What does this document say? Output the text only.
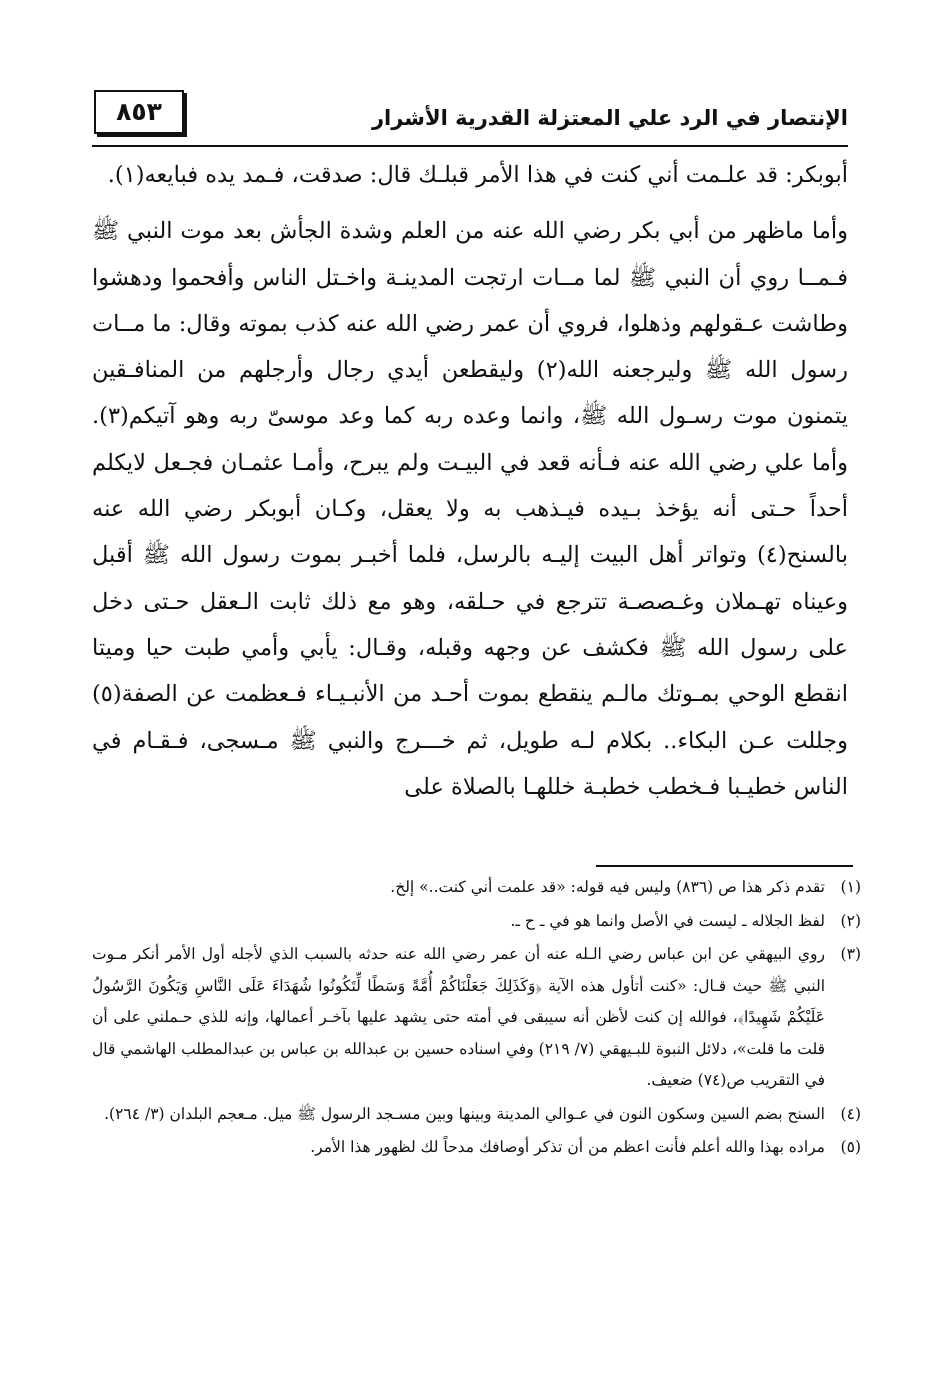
الإنتصار في الرد علي المعتزلة القدرية الأشرار
٨٥٣

أبوبكر: قد علـمت أني كنت في هذا الأمر قبلـك قال: صدقت، فـمد يده فبايعه(١).

وأما ماظهر من أبي بكر رضي الله عنه من العلم وشدة الجأش بعد موت النبي ﷺ فـمــا روي أن النبي ﷺ لما مــات ارتجت المدينـة واخـتل الناس وأفحموا ودهشوا وطاشت عـقولهم وذهلوا، فروي أن عمر رضي الله عنه كذب بموته وقال: ما مــات رسول الله ﷺ وليرجعنه الله(٢) وليقطعن أيدي رجال وأرجلهم من المنافـقين يتمنون موت رسـول الله ﷺ، وانما وعده ربه كما وعد موسىّ ربه وهو آتيكم(٣). وأما علي رضي الله عنه فـأنه قعد في البيـت ولم يبرح، وأمـا عثمـان فجـعل لايكلم أحداً حـتى أنه يؤخذ بـيده فيـذهب به ولا يعقل، وكـان أبوبكر رضي الله عنه بالسنح(٤) وتواتر أهل البيت إليـه بالرسل، فلما أخبـر بموت رسول الله ﷺ أقبل وعيناه تهـملان وغـصصـة تترجع في حـلقه، وهو مع ذلك ثابت الـعقل حـتى دخل على رسول الله ﷺ فكشف عن وجهه وقبله، وقـال: يأبي وأمي طبت حيا وميتا انقطع الوحي بمـوتك مالـم ينقطع بموت أحـد من الأنبـيـاء فـعظمت عن الصفة(٥) وجللت عـن البكاء.. بكلام لـه طويل، ثم خـــرج والنبي ﷺ مـسجى، فـقـام في الناس خطيـبا فـخطب خطبـة خللهـا بالصلاة على

(١)
تقدم ذكر هذا ص (٨٣٦) وليس فيه قوله: «قد علمت أني كنت..» إلخ.

(٢)
لفظ الجلاله ـ ليست في الأصل وانما هو في ـ ح ـ.

(٣)
روي البيهقي عن ابن عباس رضي الـله عنه أن عمر رضي الله عنه حدثه بالسبب الذي لأجله أول الأمر أنكر مـوت النبي ﷺ حيث قـال: «كنت أتأول هذه الآية ﴿وَكَذَلِكَ جَعَلْنَاكُمْ أُمَّةً وَسَطًا لِّتَكُونُوا شُهَدَاءَ عَلَى النَّاسِ وَيَكُونَ الرَّسُولُ عَلَيْكُمْ شَهِيدًا﴾، فوالله إن كنت لأظن أنه سيبقى في أمته حتى يشهد عليها بآخـر أعمالها، وإنه للذي حـملني على أن قلت ما قلت»، دلائل النبوة للبـيهقي (٧/ ٢١٩) وفي اسناده حسين بن عبدالله بن عباس بن عبدالمطلب الهاشمي قال في التقريب ص(٧٤) ضعيف.

(٤)
السنح بضم السين وسكون النون في عـوالي المدينة وبينها وبين مسـجد الرسول ﷺ ميل. مـعجم البلدان (٣/ ٢٦٤).

(٥)
مراده بهذا والله أعلم فأنت اعظم من أن تذكر أوصافك مدحاً لك لظهور هذا الأمر.
